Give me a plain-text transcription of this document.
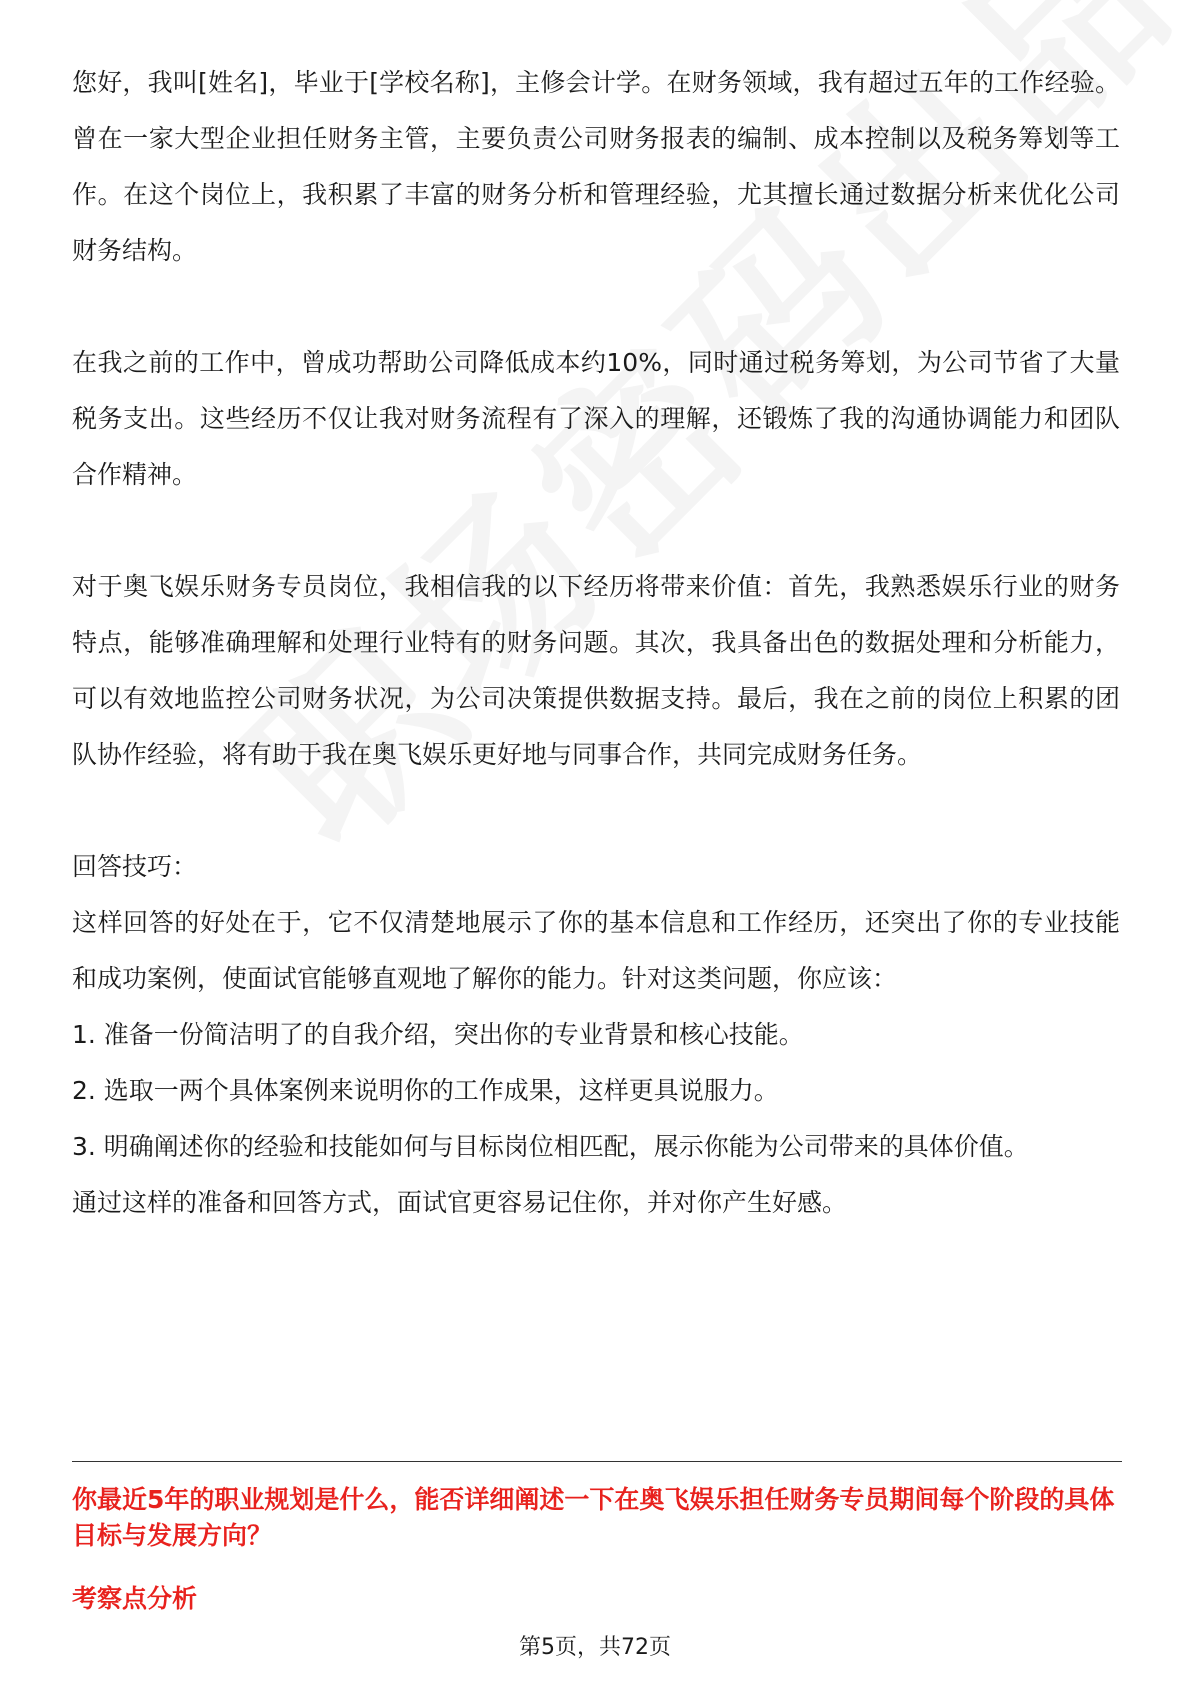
您好，我叫[姓名]，毕业于[学校名称]，主修会计学。在财务领域，我有超过五年的工作经验。曾在一家大型企业担任财务主管，主要负责公司财务报表的编制、成本控制以及税务筹划等工作。在这个岗位上，我积累了丰富的财务分析和管理经验，尤其擅长通过数据分析来优化公司财务结构。

在我之前的工作中，曾成功帮助公司降低成本约10%，同时通过税务筹划，为公司节省了大量税务支出。这些经历不仅让我对财务流程有了深入的理解，还锻炼了我的沟通协调能力和团队合作精神。

对于奥飞娱乐财务专员岗位，我相信我的以下经历将带来价值：首先，我熟悉娱乐行业的财务特点，能够准确理解和处理行业特有的财务问题。其次，我具备出色的数据处理和分析能力，可以有效地监控公司财务状况，为公司决策提供数据支持。最后，我在之前的岗位上积累的团队协作经验，将有助于我在奥飞娱乐更好地与同事合作，共同完成财务任务。

回答技巧：

这样回答的好处在于，它不仅清楚地展示了你的基本信息和工作经历，还突出了你的专业技能和成功案例，使面试官能够直观地了解你的能力。针对这类问题，你应该：

1. 准备一份简洁明了的自我介绍，突出你的专业背景和核心技能。

2. 选取一两个具体案例来说明你的工作成果，这样更具说服力。

3. 明确阐述你的经验和技能如何与目标岗位相匹配，展示你能为公司带来的具体价值。

通过这样的准备和回答方式，面试官更容易记住你，并对你产生好感。

你最近5年的职业规划是什么，能否详细阐述一下在奥飞娱乐担任财务专员期间每个阶段的具体目标与发展方向？

考察点分析

第5页，共72页
